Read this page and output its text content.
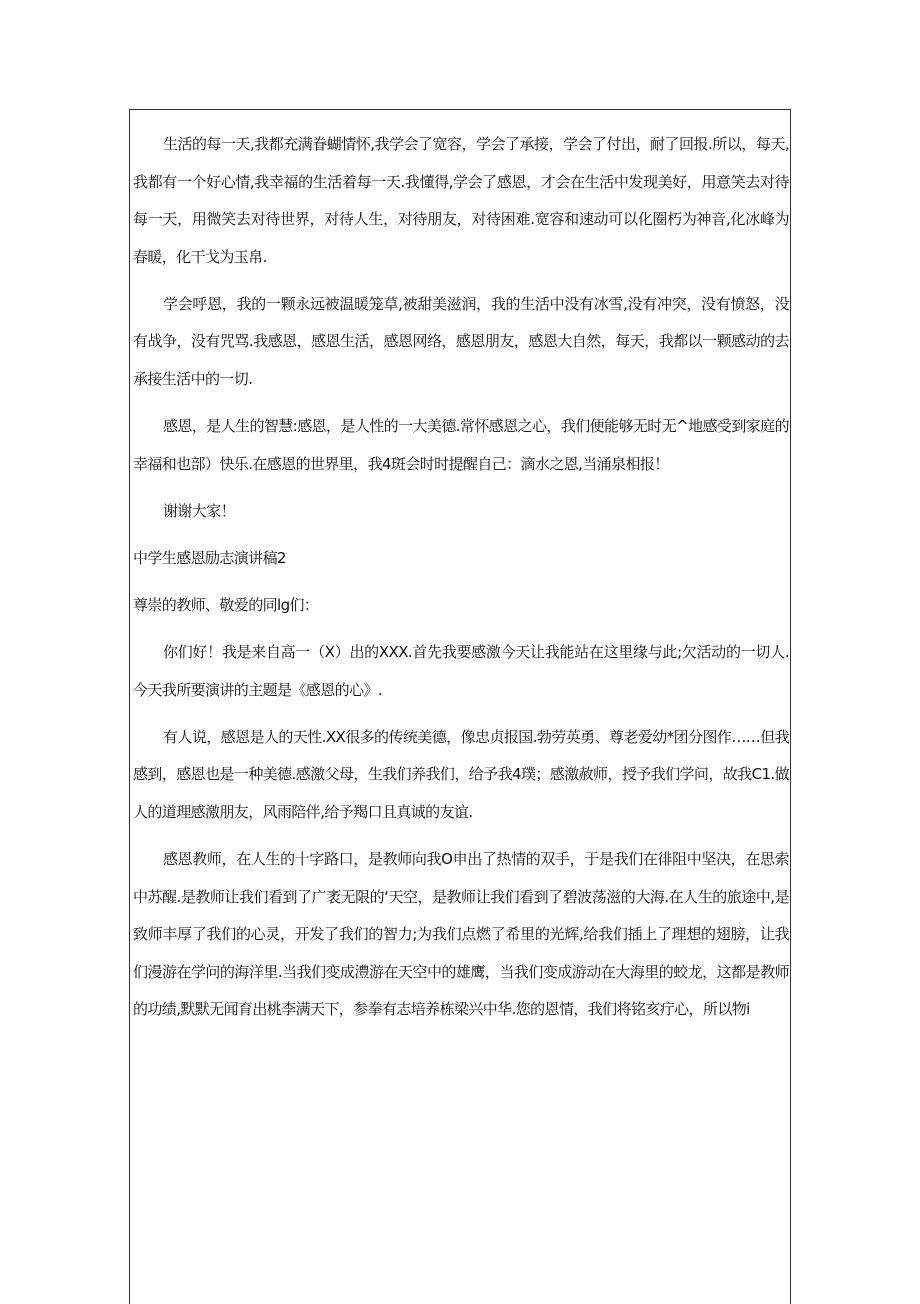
生活的每一天,我都充满眷蝴情怀,我学会了宽容，学会了承接，学会了付出，耐了回报.所以，每天,我都有一个好心情,我幸福的生活着每一天.我懂得,学会了感恩，才会在生活中发现美好，用意笑去对待每一天，用微笑去对待世界，对待人生，对待朋友，对待困难.宽容和速动可以化圈朽为神音,化冰峰为春暖，化干戈为玉帛.

学会呼恩，我的一颗永远被温暖笼草,被甜美滋润，我的生活中没有冰雪,没有冲突，没有愤怒，没有战争，没有咒骂.我感恩，感恩生活，感恩网络，感恩朋友，感恩大自然，每天，我都以一颗感动的去承接生活中的一切.

感恩，是人生的智慧:感恩，是人性的一大美德.常怀感恩之心，我们便能够无时无^地感受到家庭的幸福和也部）快乐.在感恩的世界里，我4斑会时时提醒自己：滴水之恩,当涌泉相报！

谢谢大家！

中学生感恩励志演讲稿2

尊崇的教师、敬爱的同lg们：

你们好！我是来自高一（X）出的XXX.首先我要感激今天让我能站在这里缘与此;欠活动的一切人.今天我所要演讲的主题是《感恩的心》.

有人说，感恩是人的天性.XX很多的传统美德，像忠贞报国.勃劳英勇、尊老爱幼*团分图作……但我感到，感恩也是一种美德.感激父母，生我们养我们，给予我4璞；感激赦师，授予我们学问，故我C1.做人的道理感激朋友，风雨陪伴,给予羯口且真诚的友谊.

感恩教师，在人生的十字路口，是教师向我O申出了热情的双手，于是我们在徘阻中坚决，在思索中苏醒.是教师让我们看到了广袤无限的‘天空，是教师让我们看到了碧波荡滋的大海.在人生的旅途中,是致师丰厚了我们的心灵，开发了我们的智力;为我们点燃了希里的光辉,给我们插上了理想的翅膀，让我们漫游在学问的海洋里.当我们变成澧游在天空中的雄鹰，当我们变成游动在大海里的蛟龙，这都是教师的功绩,默默无闻育出桃李满天下，参拳有志培养栋梁兴中华.您的恩情，我们将铭亥疔心，所以物i
